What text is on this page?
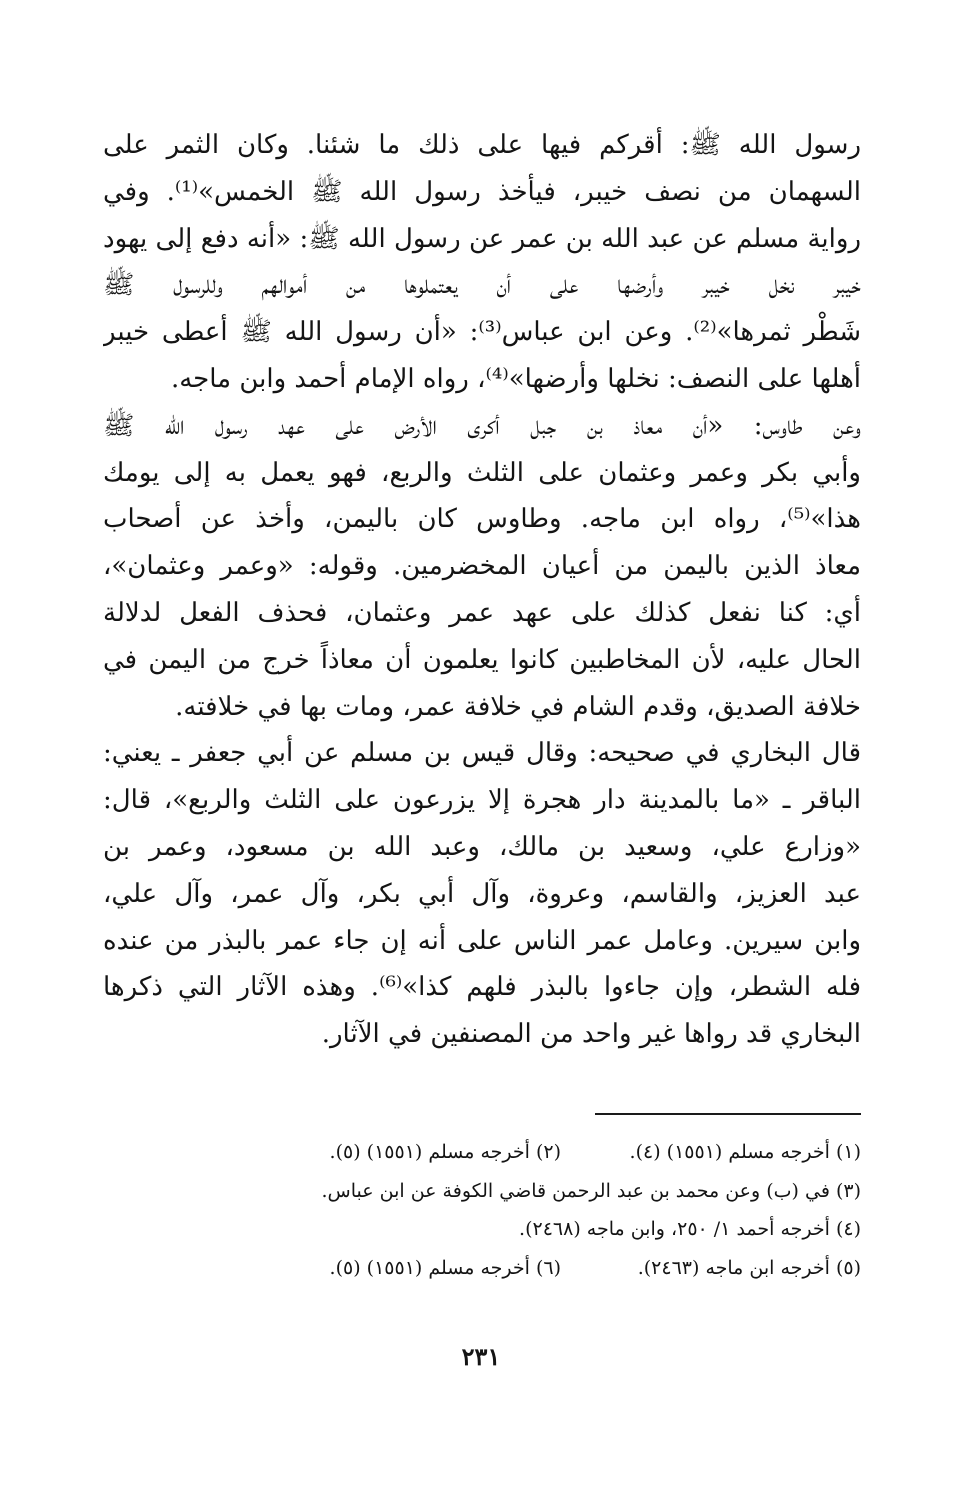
رسول الله ﷺ: أقركم فيها على ذلك ما شئنا. وكان الثمر على
السهمان من نصف خيبر، فيأخذ رسول الله ﷺ الخمس»⁽¹⁾. وفي
رواية مسلم عن عبد الله بن عمر عن رسول الله ﷺ: «أنه دفع إلى يهود
خيبر نخل خيبر وأرضها على أن يعتملوها من أموالهم وللرسول ﷺ
شَطْر ثمرها»⁽²⁾. وعن ابن عباس⁽³⁾: «أن رسول الله ﷺ أعطى خيبر
أهلها على النصف: نخلها وأرضها»⁽⁴⁾، رواه الإمام أحمد وابن ماجه.
وعن طاوس: «أن معاذ بن جبل أكرى الأرض على عهد رسول الله ﷺ
وأبي بكر وعمر وعثمان على الثلث والربع، فهو يعمل به إلى يومك
هذا»⁽⁵⁾، رواه ابن ماجه. وطاوس كان باليمن، وأخذ عن أصحاب
معاذ الذين باليمن من أعيان المخضرمين. وقوله: «وعمر وعثمان»،
أي: كنا نفعل كذلك على عهد عمر وعثمان، فحذف الفعل لدلالة
الحال عليه، لأن المخاطبين كانوا يعلمون أن معاذاً خرج من اليمن في
خلافة الصديق، وقدم الشام في خلافة عمر، ومات بها في خلافته.
قال البخاري في صحيحه: وقال قيس بن مسلم عن أبي جعفر ـ يعني:
الباقر ـ «ما بالمدينة دار هجرة إلا يزرعون على الثلث والربع»، قال:
«وزارع علي، وسعيد بن مالك، وعبد الله بن مسعود، وعمر بن
عبد العزيز، والقاسم، وعروة، وآل أبي بكر، وآل عمر، وآل علي،
وابن سيرين. وعامل عمر الناس على أنه إن جاء عمر بالبذر من عنده
فله الشطر، وإن جاءوا بالبذر فلهم كذا»⁽⁶⁾. وهذه الآثار التي ذكرها
البخاري قد رواها غير واحد من المصنفين في الآثار.
(١) أخرجه مسلم (١٥٥١) (٤).
(٢) أخرجه مسلم (١٥٥١) (٥).
(٣) في (ب) وعن محمد بن عبد الرحمن قاضي الكوفة عن ابن عباس.
(٤) أخرجه أحمد ١/ ٢٥٠، وابن ماجه (٢٤٦٨).
(٥) أخرجه ابن ماجه (٢٤٦٣).
(٦) أخرجه مسلم (١٥٥١) (٥).
٢٣١
